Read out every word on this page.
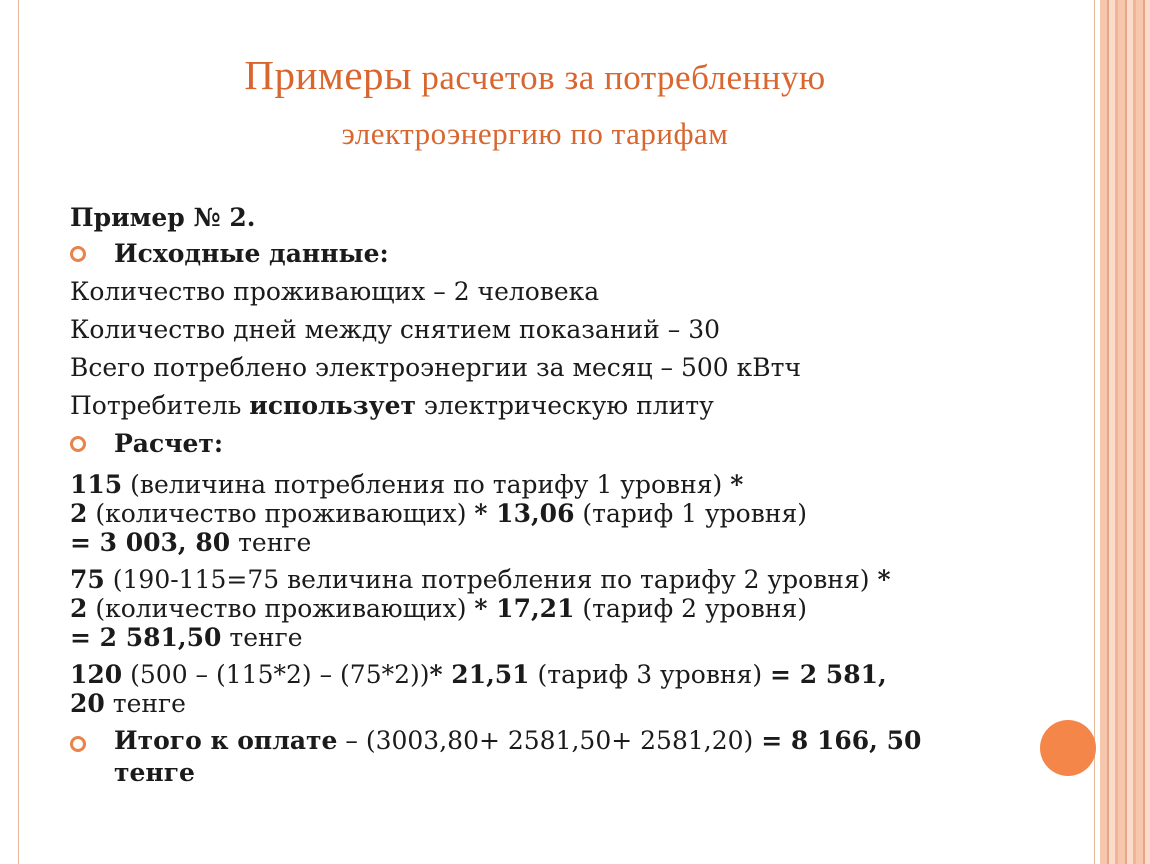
Примеры расчетов за потребленную
электроэнергию по тарифам
Пример № 2.
Исходные данные:
Количество проживающих – 2 человека
Количество дней между снятием показаний – 30
Всего потреблено электроэнергии за месяц – 500 кВтч
Потребитель использует электрическую плиту
Расчет:
115 (величина потребления по тарифу 1 уровня) *
2 (количество проживающих) * 13,06 (тариф 1 уровня)
= 3 003, 80 тенге
75 (190-115=75 величина потребления по тарифу 2 уровня) *
2 (количество проживающих) * 17,21 (тариф 2 уровня)
= 2 581,50 тенге
120 (500 – (115*2) – (75*2))* 21,51 (тариф 3 уровня) = 2 581,
20 тенге
Итого к оплате – (3003,80+ 2581,50+ 2581,20) = 8 166, 50
тенге
